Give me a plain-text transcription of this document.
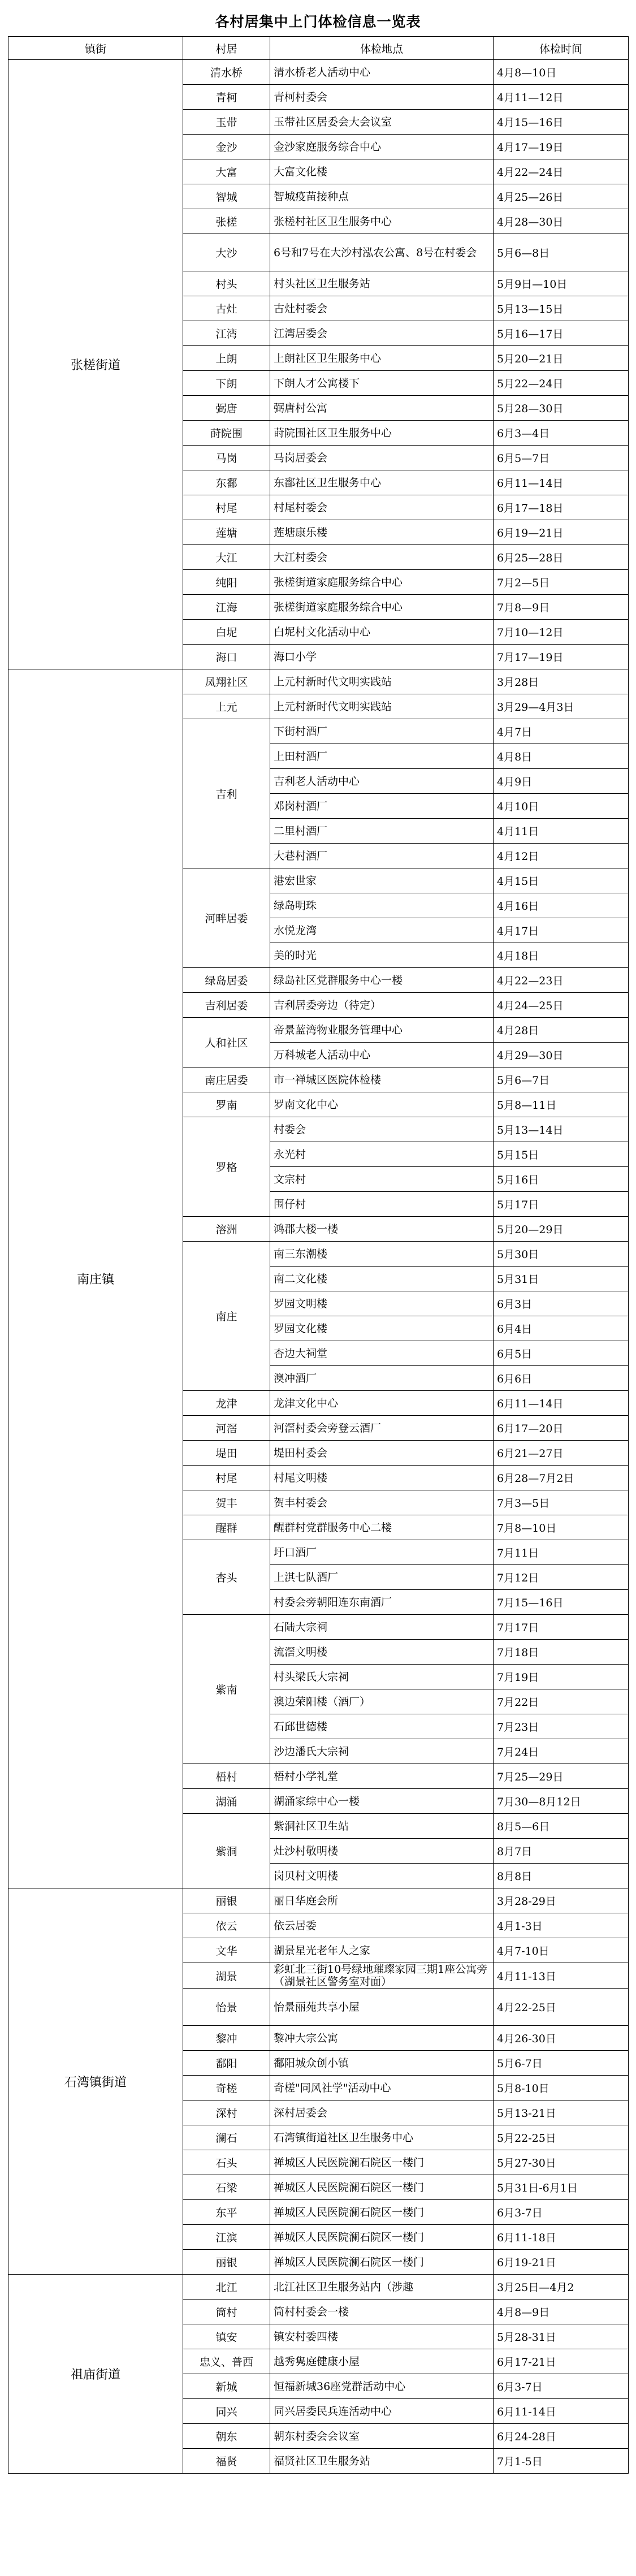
各村居集中上门体检信息一览表
镇街	村居	体检地点	体检时间
张槎街道	清水桥	清水桥老人活动中心	4月8—10日
	青柯	青柯村委会	4月11—12日
	玉带	玉带社区居委会大会议室	4月15—16日
	金沙	金沙家庭服务综合中心	4月17—19日
	大富	大富文化楼	4月22—24日
	智城	智城疫苗接种点	4月25—26日
	张槎	张槎村社区卫生服务中心	4月28—30日
	大沙	6号和7号在大沙村泓农公寓、8号在村委会	5月6—8日
	村头	村头社区卫生服务站	5月9日—10日
	古灶	古灶村委会	5月13—15日
	江湾	江湾居委会	5月16—17日
	上朗	上朗社区卫生服务中心	5月20—21日
	下朗	下朗人才公寓楼下	5月22—24日
	弼唐	弼唐村公寓	5月28—30日
	莳院围	莳院围社区卫生服务中心	6月3—4日
	马岗	马岗居委会	6月5—7日
	东鄱	东鄱社区卫生服务中心	6月11—14日
	村尾	村尾村委会	6月17—18日
	莲塘	莲塘康乐楼	6月19—21日
	大江	大江村委会	6月25—28日
	纯阳	张槎街道家庭服务综合中心	7月2—5日
	江海	张槎街道家庭服务综合中心	7月8—9日
	白坭	白坭村文化活动中心	7月10—12日
	海口	海口小学	7月17—19日
南庄镇	凤翔社区	上元村新时代文明实践站	3月28日
	上元	上元村新时代文明实践站	3月29—4月3日
	吉利	下街村酒厂	4月7日
		上田村酒厂	4月8日
		吉利老人活动中心	4月9日
		邓岗村酒厂	4月10日
		二里村酒厂	4月11日
		大巷村酒厂	4月12日
	河畔居委	港宏世家	4月15日
		绿岛明珠	4月16日
		水悦龙湾	4月17日
		美的时光	4月18日
	绿岛居委	绿岛社区党群服务中心一楼	4月22—23日
	吉利居委	吉利居委旁边（待定）	4月24—25日
	人和社区	帝景蓝湾物业服务管理中心	4月28日
		万科城老人活动中心	4月29—30日
	南庄居委	市一禅城区医院体检楼	5月6—7日
	罗南	罗南文化中心	5月8—11日
	罗格	村委会	5月13—14日
		永光村	5月15日
		文宗村	5月16日
		围仔村	5月17日
	溶洲	鸿郡大楼一楼	5月20—29日
	南庄	南三东潮楼	5月30日
		南二文化楼	5月31日
		罗园文明楼	6月3日
		罗园文化楼	6月4日
		杏边大祠堂	6月5日
		澳冲酒厂	6月6日
	龙津	龙津文化中心	6月11—14日
	河滘	河滘村委会旁登云酒厂	6月17—20日
	堤田	堤田村委会	6月21—27日
	村尾	村尾文明楼	6月28—7月2日
	贺丰	贺丰村委会	7月3—5日
	醒群	醒群村党群服务中心二楼	7月8—10日
	杏头	圩口酒厂	7月11日
		上淇七队酒厂	7月12日
		村委会旁朝阳连东南酒厂	7月15—16日
	紫南	石陆大宗祠	7月17日
		流滘文明楼	7月18日
		村头梁氏大宗祠	7月19日
		澳边荣阳楼（酒厂）	7月22日
		石邱世德楼	7月23日
		沙边潘氏大宗祠	7月24日
	梧村	梧村小学礼堂	7月25—29日
	湖涌	湖涌家综中心一楼	7月30—8月12日
	紫洞	紫洞社区卫生站	8月5—6日
		灶沙村敬明楼	8月7日
		岗贝村文明楼	8月8日
石湾镇街道	丽银	丽日华庭会所	3月28-29日
	依云	依云居委	4月1-3日
	文华	湖景星光老年人之家	4月7-10日
	湖景	彩虹北三街10号绿地璀璨家园三期1座公寓旁（湖景社区警务室对面）	4月11-13日
	怡景	怡景丽苑共享小屋	4月22-25日
	黎冲	黎冲大宗公寓	4月26-30日
	鄱阳	鄱阳城众创小镇	5月6-7日
	奇槎	奇槎"同风社学"活动中心	5月8-10日
	深村	深村居委会	5月13-21日
	澜石	石湾镇街道社区卫生服务中心	5月22-25日
	石头	禅城区人民医院澜石院区一楼门	5月27-30日
	石梁	禅城区人民医院澜石院区一楼门	5月31日-6月1日
	东平	禅城区人民医院澜石院区一楼门	6月3-7日
	江滨	禅城区人民医院澜石院区一楼门	6月11-18日
	丽银	禅城区人民医院澜石院区一楼门	6月19-21日
祖庙街道	北江	北江社区卫生服务站内（涉趣	3月25日—4月2
	筒村	筒村村委会一楼	4月8—9日
	镇安	镇安村委四楼	5月28-31日
	忠义、普西	越秀隽庭健康小屋	6月17-21日
	新城	恒福新城36座党群活动中心	6月3-7日
	同兴	同兴居委民兵连活动中心	6月11-14日
	朝东	朝东村委会会议室	6月24-28日
	福贤	福贤社区卫生服务站	7月1-5日
